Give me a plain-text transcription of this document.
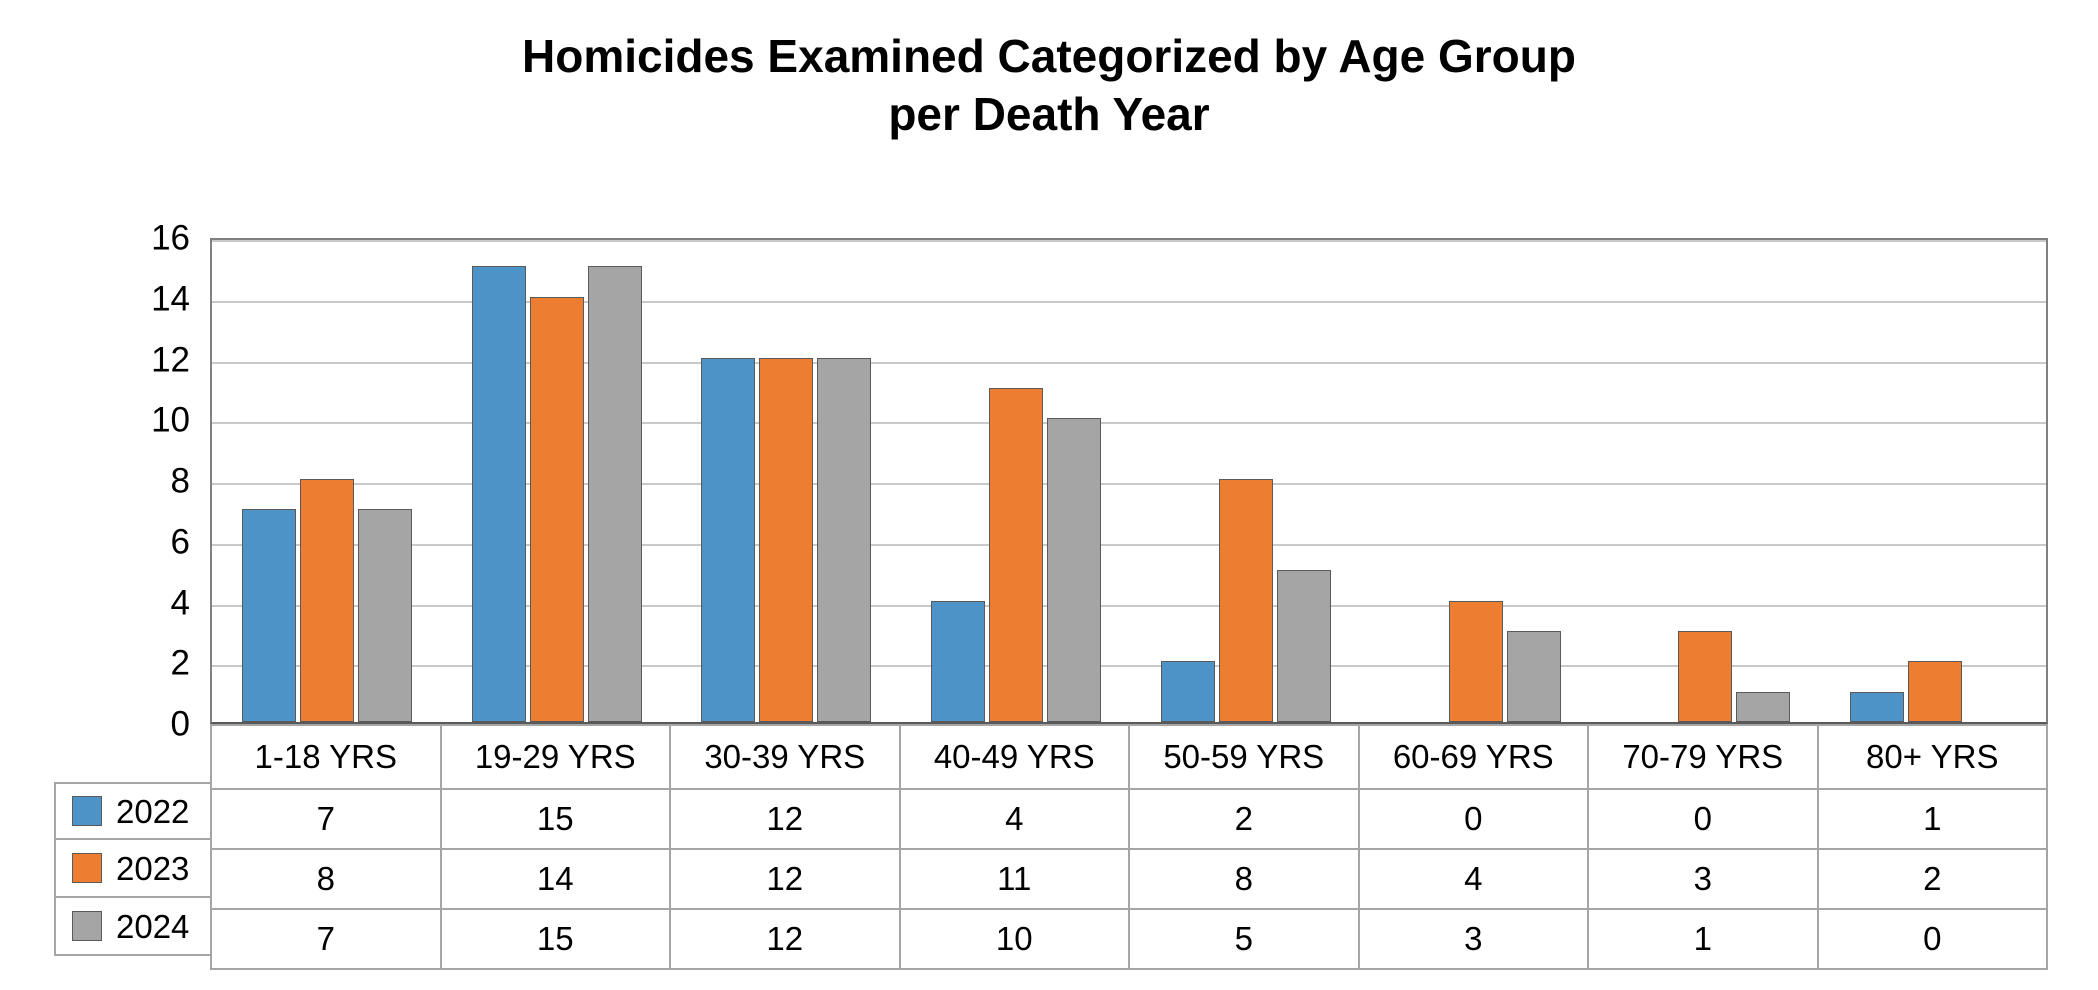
Homicides Examined Categorized by Age Group
per Death Year
0
2
4
6
8
10
12
14
16
2022
2023
2024
1-18 YRS	19-29 YRS	30-39 YRS	40-49 YRS	50-59 YRS	60-69 YRS	70-79 YRS	80+ YRS
7	15	12	4	2	0	0	1
8	14	12	11	8	4	3	2
7	15	12	10	5	3	1	0
